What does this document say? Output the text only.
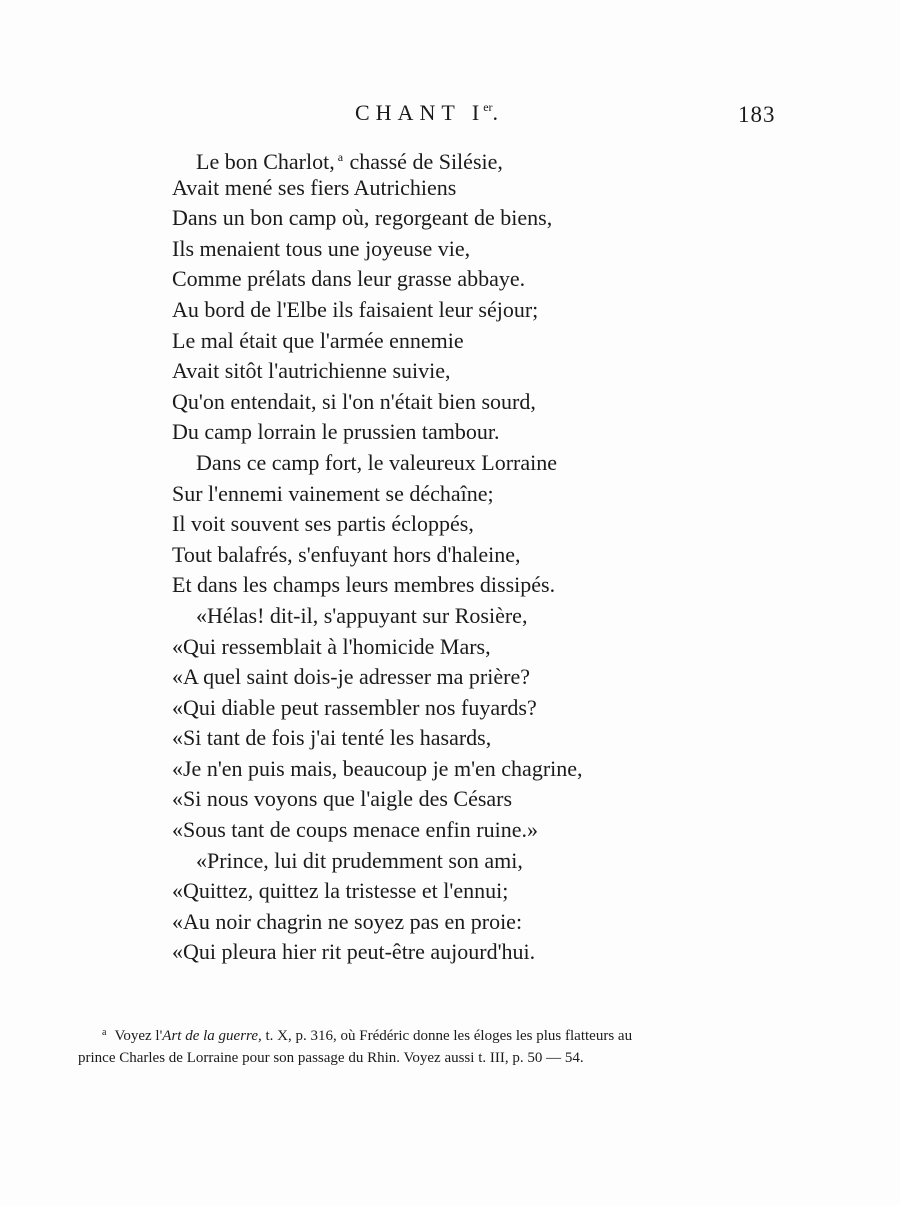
CHANT Ier.	183
Le bon Charlot, $^a$ chassé de Silésie,
Avait mené ses fiers Autrichiens
Dans un bon camp où, regorgeant de biens,
Ils menaient tous une joyeuse vie,
Comme prélats dans leur grasse abbaye.
Au bord de l'Elbe ils faisaient leur séjour;
Le mal était que l'armée ennemie
Avait sitôt l'autrichienne suivie,
Qu'on entendait, si l'on n'était bien sourd,
Du camp lorrain le prussien tambour.
Dans ce camp fort, le valeureux Lorraine
Sur l'ennemi vainement se déchaîne;
Il voit souvent ses partis écloppés,
Tout balafrés, s'enfuyant hors d'haleine,
Et dans les champs leurs membres dissipés.
«Hélas! dit-il, s'appuyant sur Rosière,
«Qui ressemblait à l'homicide Mars,
«A quel saint dois-je adresser ma prière?
«Qui diable peut rassembler nos fuyards?
«Si tant de fois j'ai tenté les hasards,
«Je n'en puis mais, beaucoup je m'en chagrine,
«Si nous voyons que l'aigle des Césars
«Sous tant de coups menace enfin ruine.»
«Prince, lui dit prudemment son ami,
«Quittez, quittez la tristesse et l'ennui;
«Au noir chagrin ne soyez pas en proie:
«Qui pleura hier rit peut-être aujourd'hui.
$^a$ Voyez l'Art de la guerre, t. X, p. 316, où Frédéric donne les éloges les plus flatteurs au
prince Charles de Lorraine pour son passage du Rhin. Voyez aussi t. III, p. 50 — 54.
